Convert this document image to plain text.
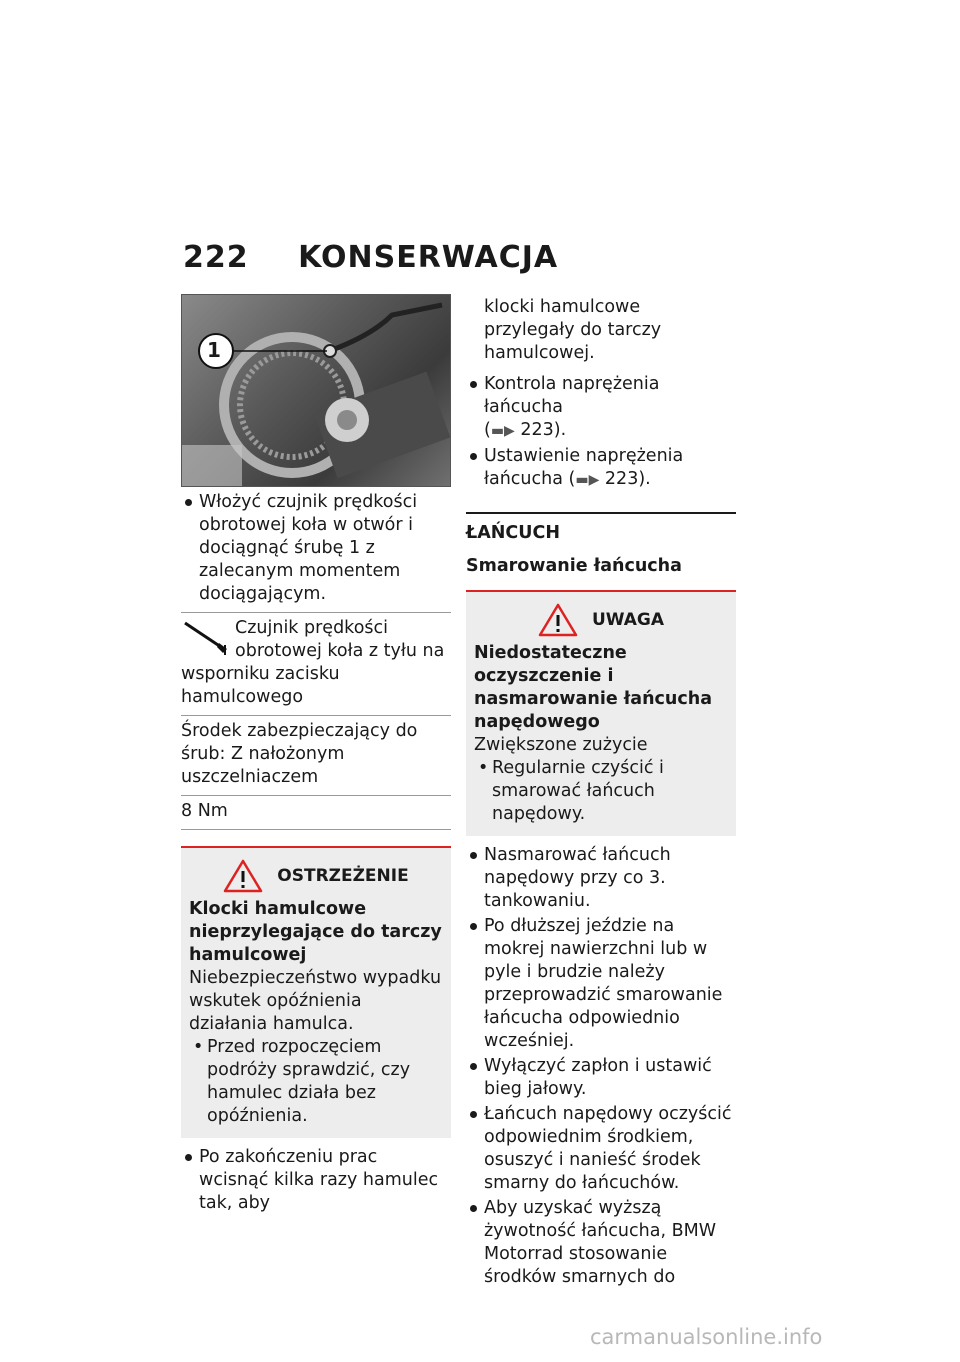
222 KONSERWACJA
1
Włożyć czujnik prędkości obrotowej koła w otwór i dociągnąć śrubę 1 z zalecanym momentem dociągającym.
Czujnik prędkości obrotowej koła z tyłu na wsporniku zacisku hamulcowego
Środek zabezpieczający do śrub: Z nałożonym uszczelniaczem
8 Nm
OSTRZEŻENIE

Klocki hamulcowe nieprzylegające do tarczy hamulcowej

Niebezpieczeństwo wypadku wskutek opóźnienia działania hamulca.

• Przed rozpoczęciem podróży sprawdzić, czy hamulec działa bez opóźnienia.

Po zakończeniu prac wcisnąć kilka razy hamulec tak, aby
klocki hamulcowe przylegały do tarczy hamulcowej.
Kontrola naprężenia łańcucha
(▬▶ 223).
Ustawienie naprężenia łańcucha (▬▶ 223).
ŁAŃCUCH
Smarowanie łańcucha
UWAGA

Niedostateczne oczyszczenie i nasmarowanie łańcucha napędowego

Zwiększone zużycie

• Regularnie czyścić i smarować łańcuch napędowy.

Nasmarować łańcuch napędowy przy co 3. tankowaniu.
Po dłuższej jeździe na mokrej nawierzchni lub w pyle i brudzie należy przeprowadzić smarowanie łańcucha odpowiednio wcześniej.
Wyłączyć zapłon i ustawić bieg jałowy.
Łańcuch napędowy oczyścić odpowiednim środkiem, osuszyć i nanieść środek smarny do łańcuchów.
Aby uzyskać wyższą żywotność łańcucha, BMW Motorrad stosowanie środków smarnych do
carmanualsonline.info
